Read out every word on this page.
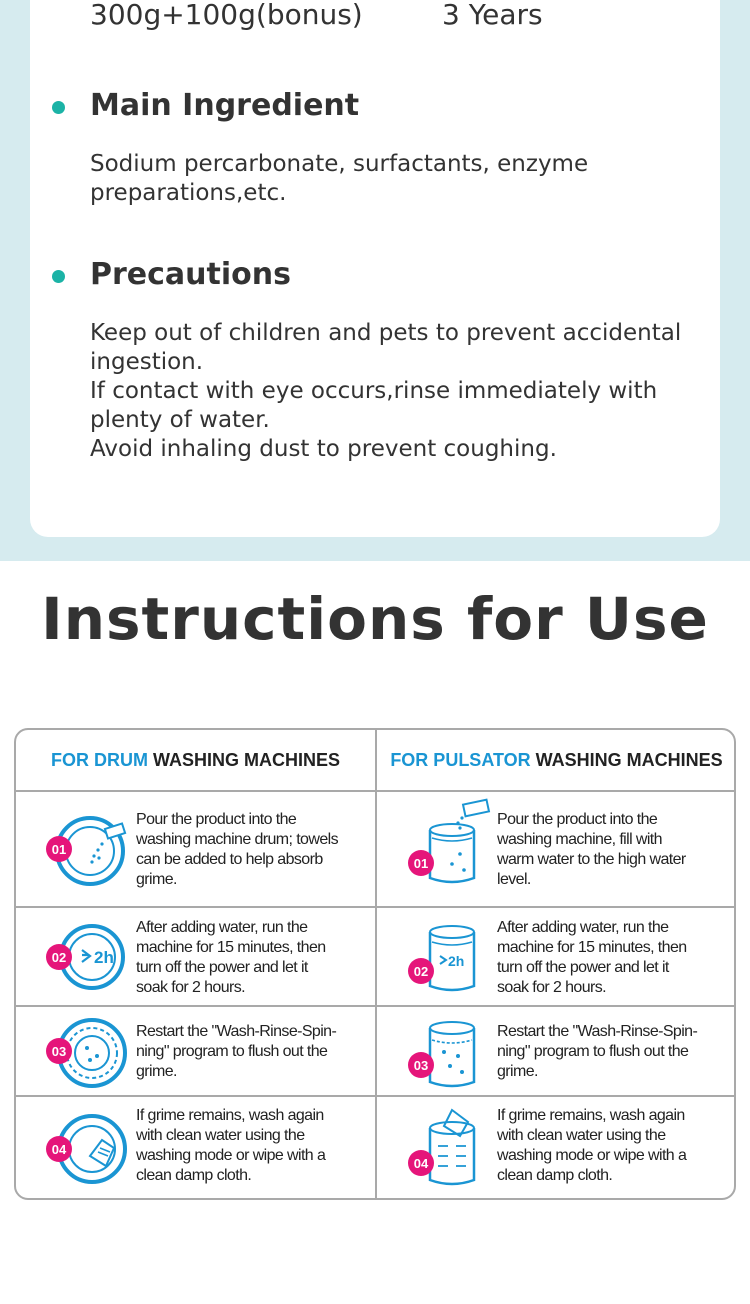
300g+100g(bonus)	3 Years
Main Ingredient
Sodium percarbonate, surfactants, enzyme
preparations,etc.
Precautions
Keep out of children and pets to prevent accidental
ingestion.
If contact with eye occurs,rinse immediately with
plenty of water.
Avoid inhaling dust to prevent coughing.
Instructions for Use
FOR DRUM WASHING MACHINES	FOR PULSATOR WASHING MACHINES
01
Pour the product into the
washing machine drum; towels
can be added to help absorb
grime.
2h
02
After adding water, run the
machine for 15 minutes, then
turn off the power and let it
soak for 2 hours.
03
Restart the "Wash-Rinse-Spin-
ning" program to flush out the
grime.
04
If grime remains, wash again
with clean water using the
washing mode or wipe with a
clean damp cloth.
01
Pour the product into the
washing machine, fill with
warm water to the high water
level.
2h
02
After adding water, run the
machine for 15 minutes, then
turn off the power and let it
soak for 2 hours.
03
Restart the "Wash-Rinse-Spin-
ning" program to flush out the
grime.
04
If grime remains, wash again
with clean water using the
washing mode or wipe with a
clean damp cloth.
